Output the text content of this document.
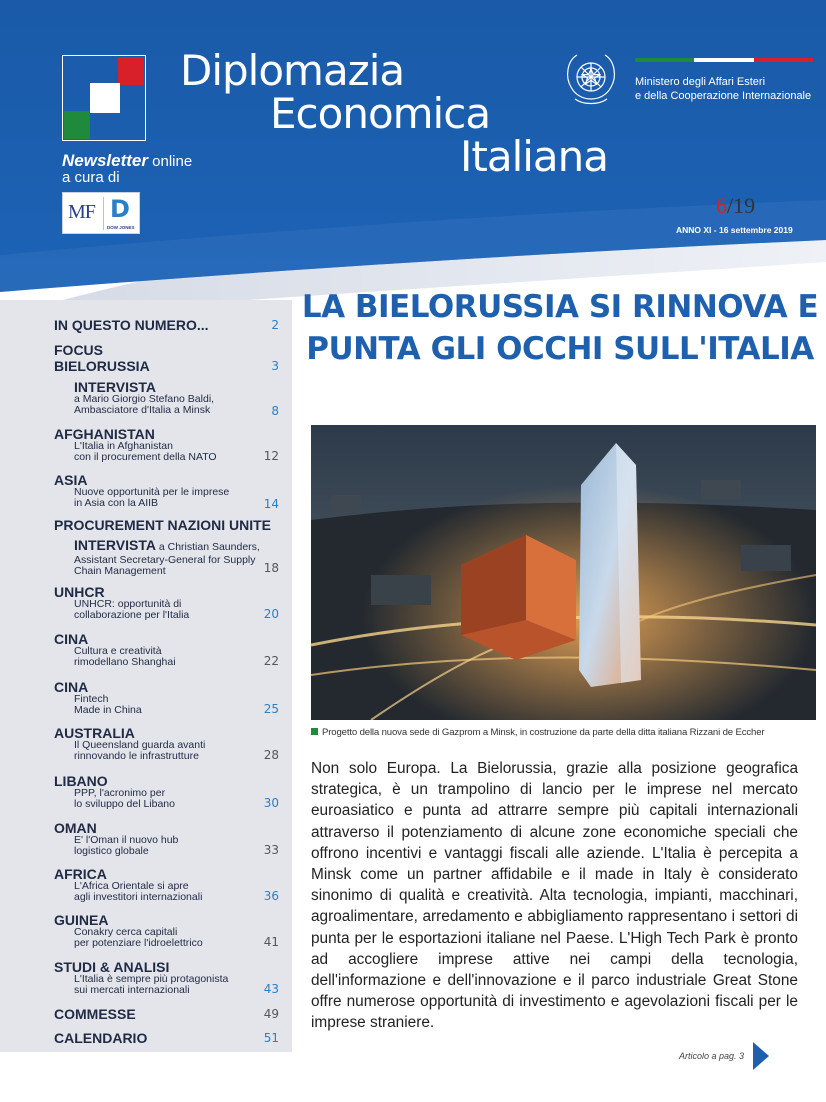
Diplomazia
Economica
Italiana
Newsletter online
a cura di
MF D
DOW JONES
Ministero degli Affari Esteri
e della Cooperazione Internazionale
6/19
ANNO XI - 16 settembre 2019
IN QUESTO NUMERO...	2
FOCUS
BIELORUSSIA	3
INTERVISTA
a Mario Giorgio Stefano Baldi,
Ambasciatore d'Italia a Minsk	8
AFGHANISTAN
L'Italia in Afghanistan
con il procurement della NATO	12
ASIA
Nuove opportunità per le imprese
in Asia con la AIIB	14
PROCUREMENT NAZIONI UNITE
INTERVISTA a Christian Saunders,
Assistant Secretary-General for Supply
Chain Management	18
UNHCR
UNHCR: opportunità di
collaborazione per l'Italia	20
CINA
Cultura e creatività
rimodellano Shanghai	22
CINA
Fintech
Made in China	25
AUSTRALIA
Il Queensland guarda avanti
rinnovando le infrastrutture	28
LIBANO
PPP, l'acronimo per
lo sviluppo del Libano	30
OMAN
E' l'Oman il nuovo hub
logistico globale	33
AFRICA
L'Africa Orientale si apre
agli investitori internazionali	36
GUINEA
Conakry cerca capitali
per potenziare l'idroelettrico	41
STUDI & ANALISI
L'Italia è sempre più protagonista
sui mercati internazionali	43
COMMESSE	49
CALENDARIO	51
LA BIELORUSSIA SI RINNOVA E PUNTA GLI OCCHI SULL'ITALIA
Progetto della nuova sede di Gazprom a Minsk, in costruzione da parte della ditta italiana Rizzani de Eccher

Non solo Europa. La Bielorussia, grazie alla posizione geografica strategica, è un trampolino di lancio per le imprese nel mercato euroasiatico e punta ad attrarre sempre più capitali internazionali attraverso il potenziamento di alcune zone economiche speciali che offrono incentivi e vantaggi fiscali alle aziende. L'Italia è percepita a Minsk come un partner affidabile e il made in Italy è considerato sinonimo di qualità e creatività. Alta tecnologia, impianti, macchinari, agroalimentare, arredamento e abbigliamento rappresentano i settori di punta per le esportazioni italiane nel Paese. L'High Tech Park è pronto ad accogliere imprese attive nei campi della tecnologia, dell'informazione e dell'innovazione e il parco industriale Great Stone offre numerose opportunità di investimento e agevolazioni fiscali per le imprese straniere.

Articolo a pag. 3
